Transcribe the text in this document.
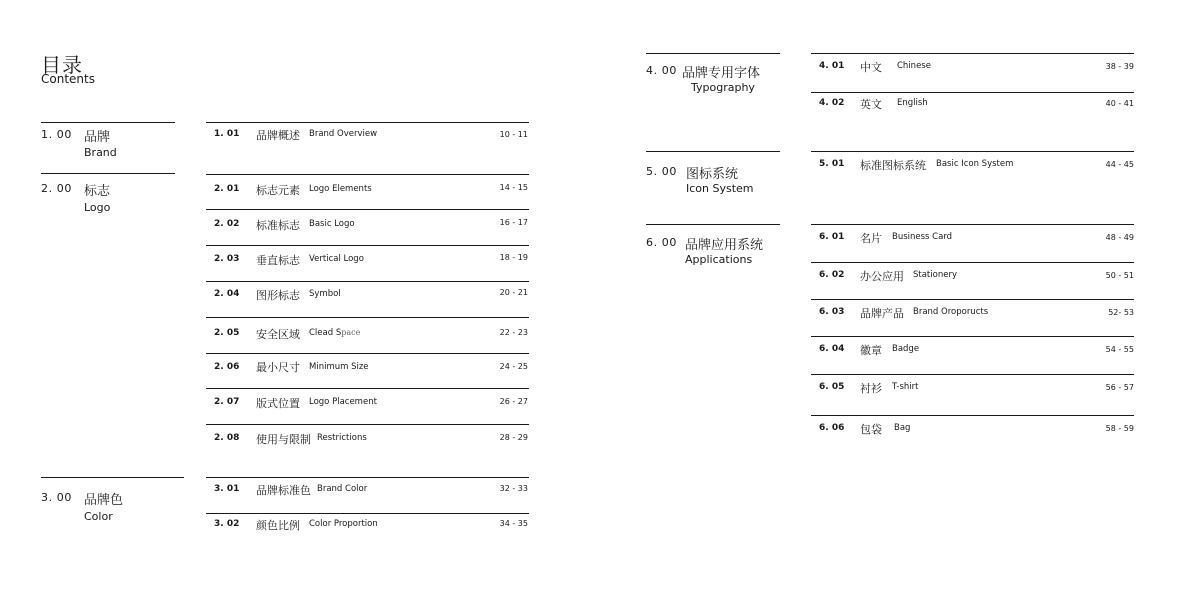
目录
Contents
1. 00 品牌
Brand
1. 01 品牌概述 Brand Overview	10 - 11
2. 00 标志
Logo
2. 01 标志元素 Logo Elements	14 - 15
2. 02 标准标志 Basic Logo	16 - 17
2. 03 垂直标志 Vertical Logo	18 - 19
2. 04 图形标志 Symbol	20 - 21
2. 05 安全区域 Clead Space	22 - 23
2. 06 最小尺寸 Minimum Size	24 - 25
2. 07 版式位置 Logo Placement	26 - 27
2. 08 使用与限制 Restrictions	28 - 29
3. 00 品牌色
Color
3. 01 品牌标准色 Brand Color	32 - 33
3. 02 颜色比例 Color Proportion	34 - 35
4. 00 品牌专用字体
Typography
4. 01 中文 Chinese	38 - 39
4. 02 英文 English	40 - 41
5. 00 图标系统
Icon System
5. 01 标准图标系统 Basic Icon System	44 - 45
6. 00 品牌应用系统
Applications
6. 01 名片 Business Card	48 - 49
6. 02 办公应用 Stationery	50 - 51
6. 03 品牌产品 Brand Oroporucts	52- 53
6. 04 徽章 Badge	54 - 55
6. 05 衬衫 T-shirt	56 - 57
6. 06 包袋 Bag	58 - 59
